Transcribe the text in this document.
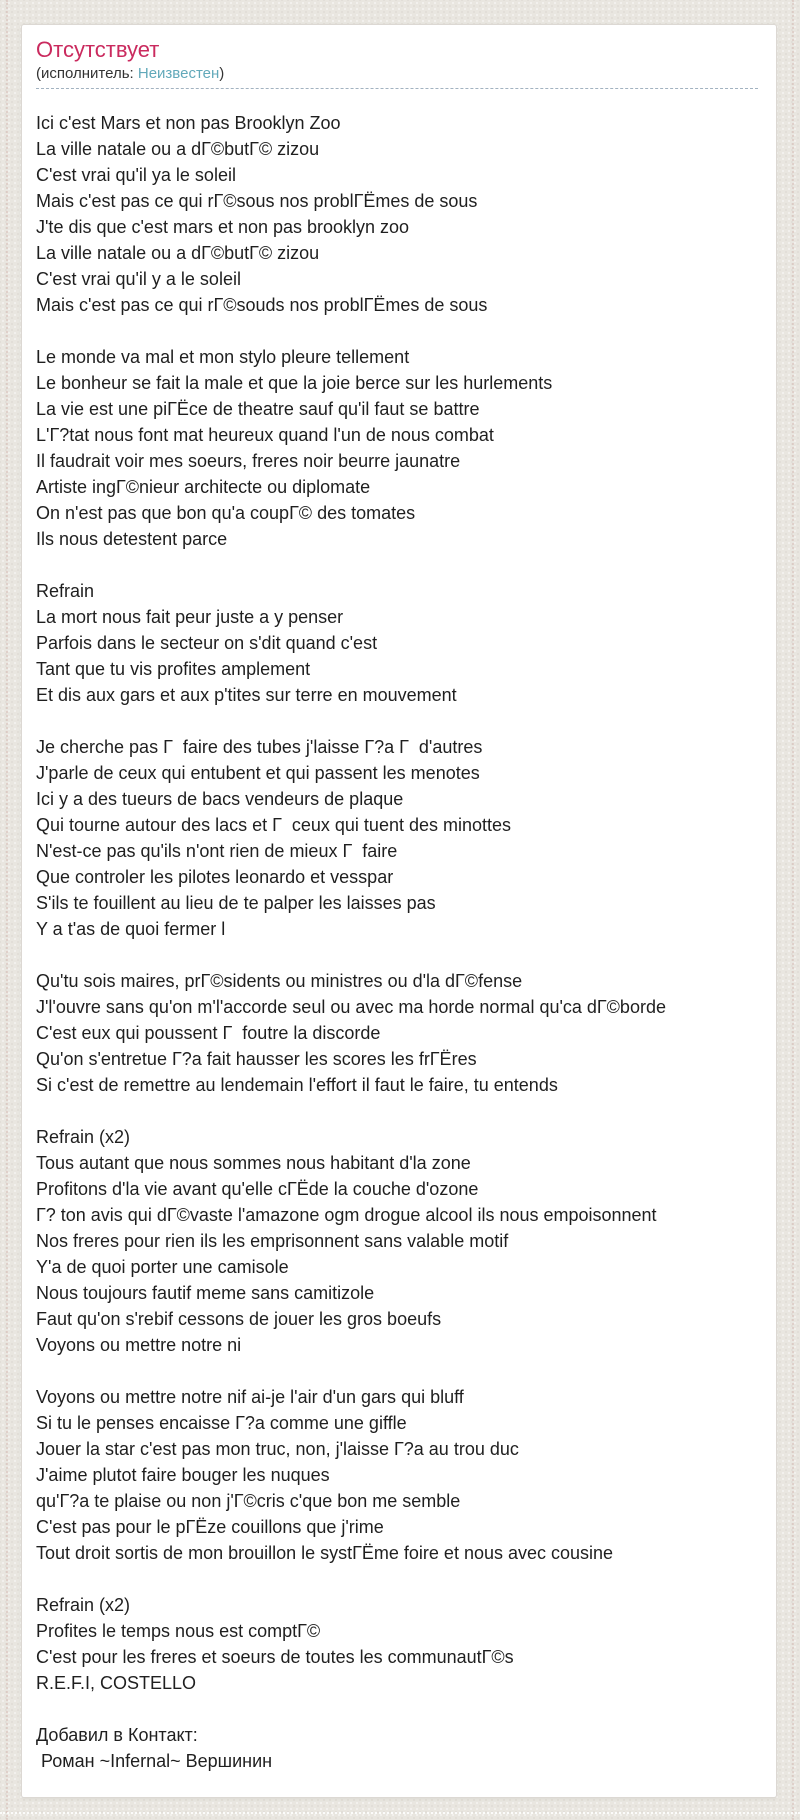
Отсутствует
(исполнитель: Неизвестен)
Ici c'est Mars et non pas Brooklyn Zoo
La ville natale ou a dГ©butГ© zizou
C'est vrai qu'il ya le soleil
Mais c'est pas ce qui rГ©sous nos problГЁmes de sous
J'te dis que c'est mars et non pas brooklyn zoo
La ville natale ou a dГ©butГ© zizou
C'est vrai qu'il y a le soleil
Mais c'est pas ce qui rГ©souds nos problГЁmes de sous
Le monde va mal et mon stylo pleure tellement
Le bonheur se fait la male et que la joie berce sur les hurlements
La vie est une piГЁce de theatre sauf qu'il faut se battre
L'Г?tat nous font mat heureux quand l'un de nous combat
Il faudrait voir mes soeurs, freres noir beurre jaunatre
Artiste ingГ©nieur architecte ou diplomate
On n'est pas que bon qu'a coupГ© des tomates
Ils nous detestent parce
Refrain
La mort nous fait peur juste a y penser
Parfois dans le secteur on s'dit quand c'est
Tant que tu vis profites amplement
Et dis aux gars et aux p'tites sur terre en mouvement
Je cherche pas Г  faire des tubes j'laisse Г?a Г  d'autres
J'parle de ceux qui entubent et qui passent les menotes
Ici y a des tueurs de bacs vendeurs de plaque
Qui tourne autour des lacs et Г  ceux qui tuent des minottes
N'est-ce pas qu'ils n'ont rien de mieux Г  faire
Que controler les pilotes leonardo et vesspar
S'ils te fouillent au lieu de te palper les laisses pas
Y a t'as de quoi fermer l
Qu'tu sois maires, prГ©sidents ou ministres ou d'la dГ©fense
J'l'ouvre sans qu'on m'l'accorde seul ou avec ma horde normal qu'ca dГ©borde
C'est eux qui poussent Г  foutre la discorde
Qu'on s'entretue Г?a fait hausser les scores les frГЁres
Si c'est de remettre au lendemain l'effort il faut le faire, tu entends
Refrain (x2)
Tous autant que nous sommes nous habitant d'la zone
Profitons d'la vie avant qu'elle cГЁde la couche d'ozone
Г? ton avis qui dГ©vaste l'amazone ogm drogue alcool ils nous empoisonnent
Nos freres pour rien ils les emprisonnent sans valable motif
Y'a de quoi porter une camisole
Nous toujours fautif meme sans camitizole
Faut qu'on s'rebif cessons de jouer les gros boeufs
Voyons ou mettre notre ni
Voyons ou mettre notre nif ai-je l'air d'un gars qui bluff
Si tu le penses encaisse Г?a comme une giffle
Jouer la star c'est pas mon truc, non, j'laisse Г?a au trou duc
J'aime plutot faire bouger les nuques
qu'Г?a te plaise ou non j'Г©cris c'que bon me semble
C'est pas pour le pГЁze couillons que j'rime
Tout droit sortis de mon brouillon le systГЁme foire et nous avec cousine
Refrain (x2)
Profites le temps nous est comptГ©
C'est pour les freres et soeurs de toutes les communautГ©s
R.E.F.I, COSTELLO
Добавил в Контакт:
Роман ~Infernal~ Вершинин
